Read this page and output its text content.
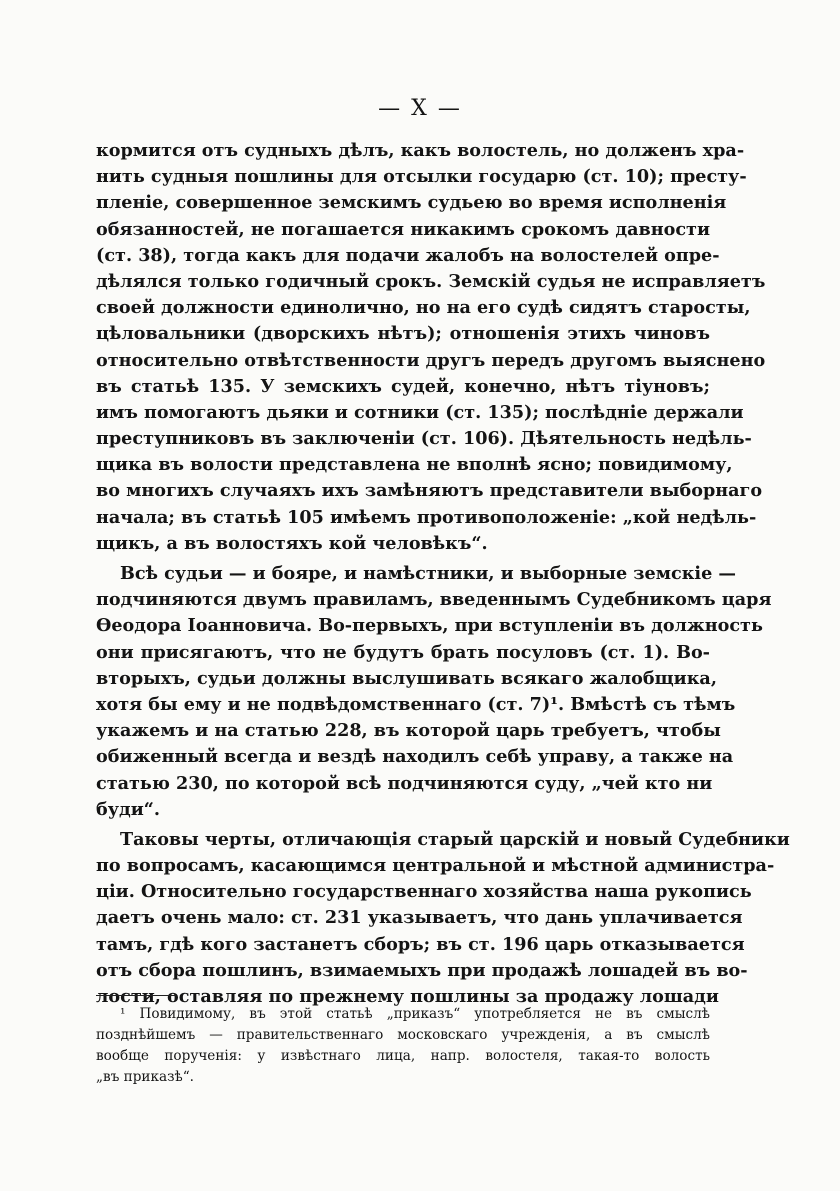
— X —
кормится отъ судныхъ дѣлъ, какъ волостель, но долженъ хра-
нить судныя пошлины для отсылки государю (ст. 10); престу-
пленіе, совершенное земскимъ судьею во время исполненія
обязанностей, не погашается никакимъ срокомъ давности
(ст. 38), тогда какъ для подачи жалобъ на волостелей опре-
дѣлялся только годичный срокъ. Земскій судья не исправляетъ
своей должности единолично, но на его судѣ сидятъ старосты,
цѣловальники (дворскихъ нѣтъ); отношенія этихъ чиновъ
относительно отвѣтственности другъ передъ другомъ выяснено
въ статьѣ 135. У земскихъ судей, конечно, нѣтъ тіуновъ;
имъ помогаютъ дьяки и сотники (ст. 135); послѣдніе держали
преступниковъ въ заключеніи (ст. 106). Дѣятельность недѣль-
щика въ волости представлена не вполнѣ ясно; повидимому,
во многихъ случаяхъ ихъ замѣняютъ представители выборнаго
начала; въ статьѣ 105 имѣемъ противоположеніе: „кой недѣль-
щикъ, а въ волостяхъ кой человѣкъ“.
Всѣ судьи — и бояре, и намѣстники, и выборные земскіе —
подчиняются двумъ правиламъ, введеннымъ Судебникомъ царя
Ѳеодора Іоанновича. Во-первыхъ, при вступленіи въ должность
они присягаютъ, что не будутъ брать посуловъ (ст. 1). Во-
вторыхъ, судьи должны выслушивать всякаго жалобщика,
хотя бы ему и не подвѣдомственнаго (ст. 7)¹. Вмѣстѣ съ тѣмъ
укажемъ и на статью 228, въ которой царь требуетъ, чтобы
обиженный всегда и вездѣ находилъ себѣ управу, а также на
статью 230, по которой всѣ подчиняются суду, „чей кто ни
буди“.
Таковы черты, отличающія старый царскій и новый Судебники
по вопросамъ, касающимся центральной и мѣстной администра-
ціи. Относительно государственнаго хозяйства наша рукопись
даетъ очень мало: ст. 231 указываетъ, что дань уплачивается
тамъ, гдѣ кого застанетъ сборъ; въ ст. 196 царь отказывается
отъ сбора пошлинъ, взимаемыхъ при продажѣ лошадей въ во-
лости, оставляя по прежнему пошлины за продажу лошади
¹ Повидимому, въ этой статьѣ „приказъ“ употребляется не въ смыслѣ
позднѣйшемъ — правительственнаго московскаго учрежденія, а въ смыслѣ
вообще порученія: у извѣстнаго лица, напр. волостеля, такая-то волость
„въ приказѣ“.
